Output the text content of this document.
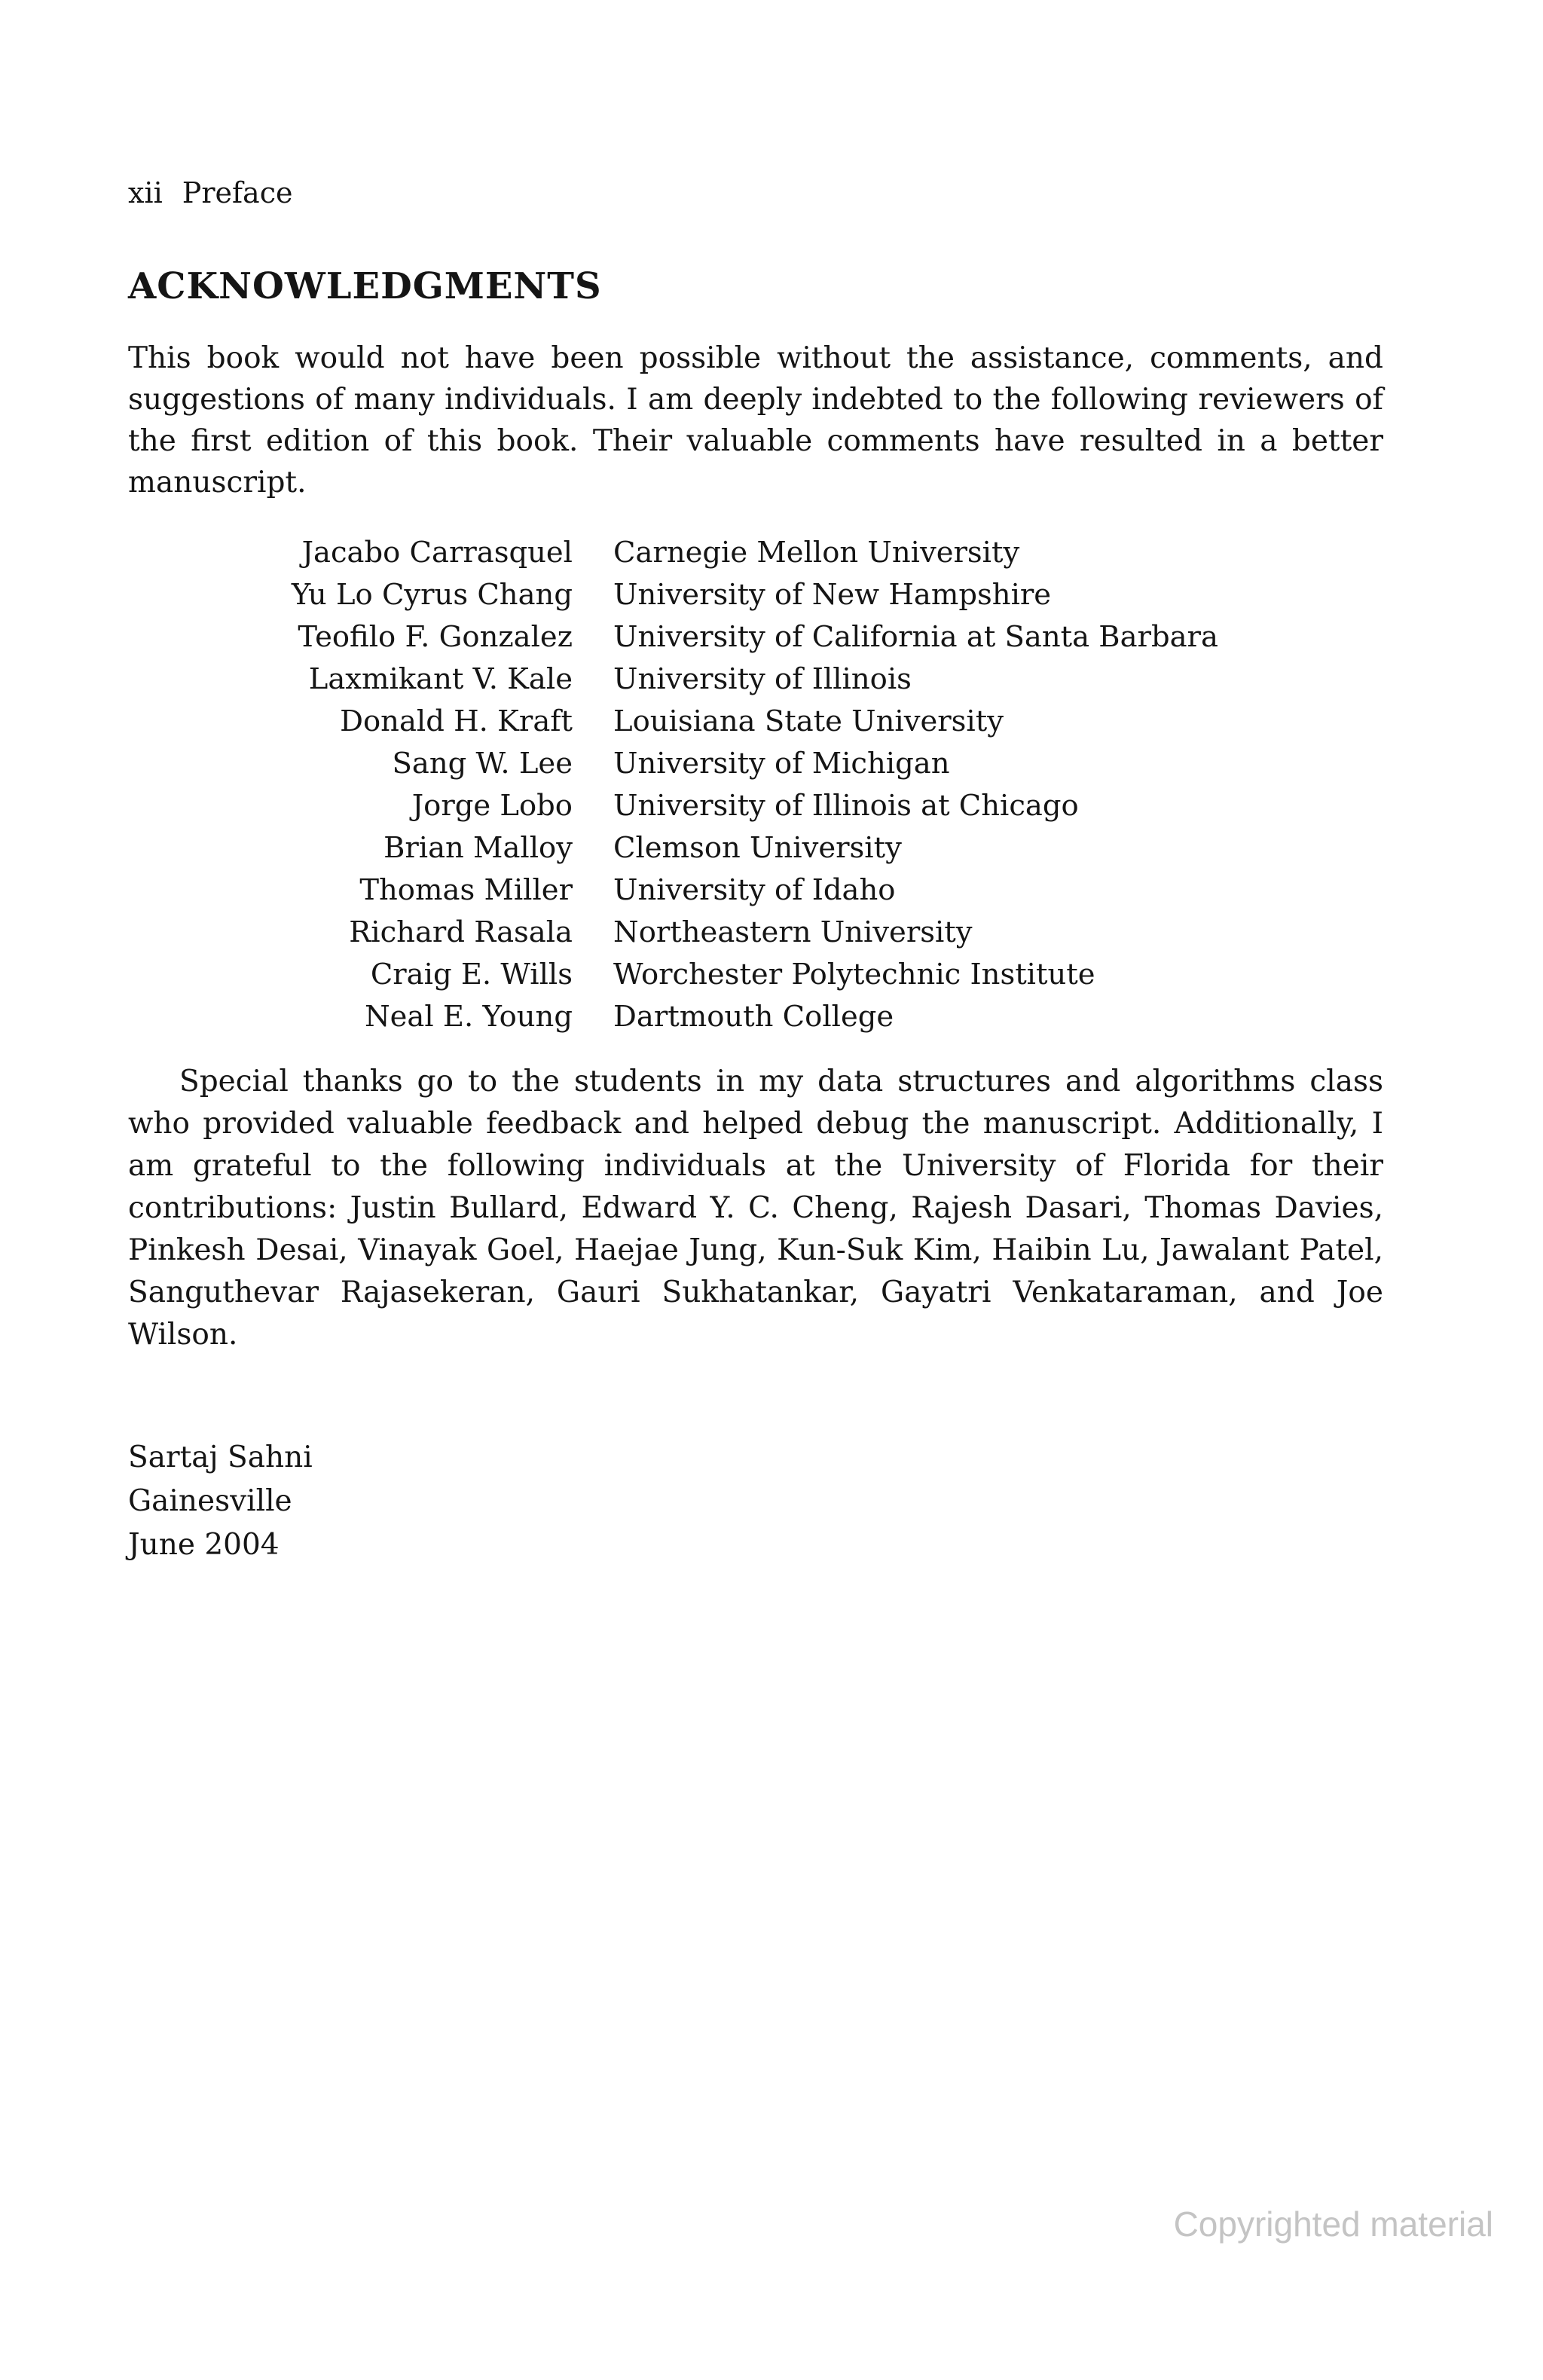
xii Preface
ACKNOWLEDGMENTS

This book would not have been possible without the assistance, comments, and suggestions of many individuals. I am deeply indebted to the following reviewers of the first edition of this book. Their valuable comments have resulted in a better manuscript.

Jacabo Carrasquel	Carnegie Mellon University
Yu Lo Cyrus Chang	University of New Hampshire
Teofilo F. Gonzalez	University of California at Santa Barbara
Laxmikant V. Kale	University of Illinois
Donald H. Kraft	Louisiana State University
Sang W. Lee	University of Michigan
Jorge Lobo	University of Illinois at Chicago
Brian Malloy	Clemson University
Thomas Miller	University of Idaho
Richard Rasala	Northeastern University
Craig E. Wills	Worchester Polytechnic Institute
Neal E. Young	Dartmouth College

Special thanks go to the students in my data structures and algorithms class who provided valuable feedback and helped debug the manuscript. Additionally, I am grateful to the following individuals at the University of Florida for their contributions: Justin Bullard, Edward Y. C. Cheng, Rajesh Dasari, Thomas Davies, Pinkesh Desai, Vinayak Goel, Haejae Jung, Kun-Suk Kim, Haibin Lu, Jawalant Patel, Sanguthevar Rajasekeran, Gauri Sukhatankar, Gayatri Venkataraman, and Joe Wilson.

Sartaj Sahni
Gainesville
June 2004
Copyrighted material
